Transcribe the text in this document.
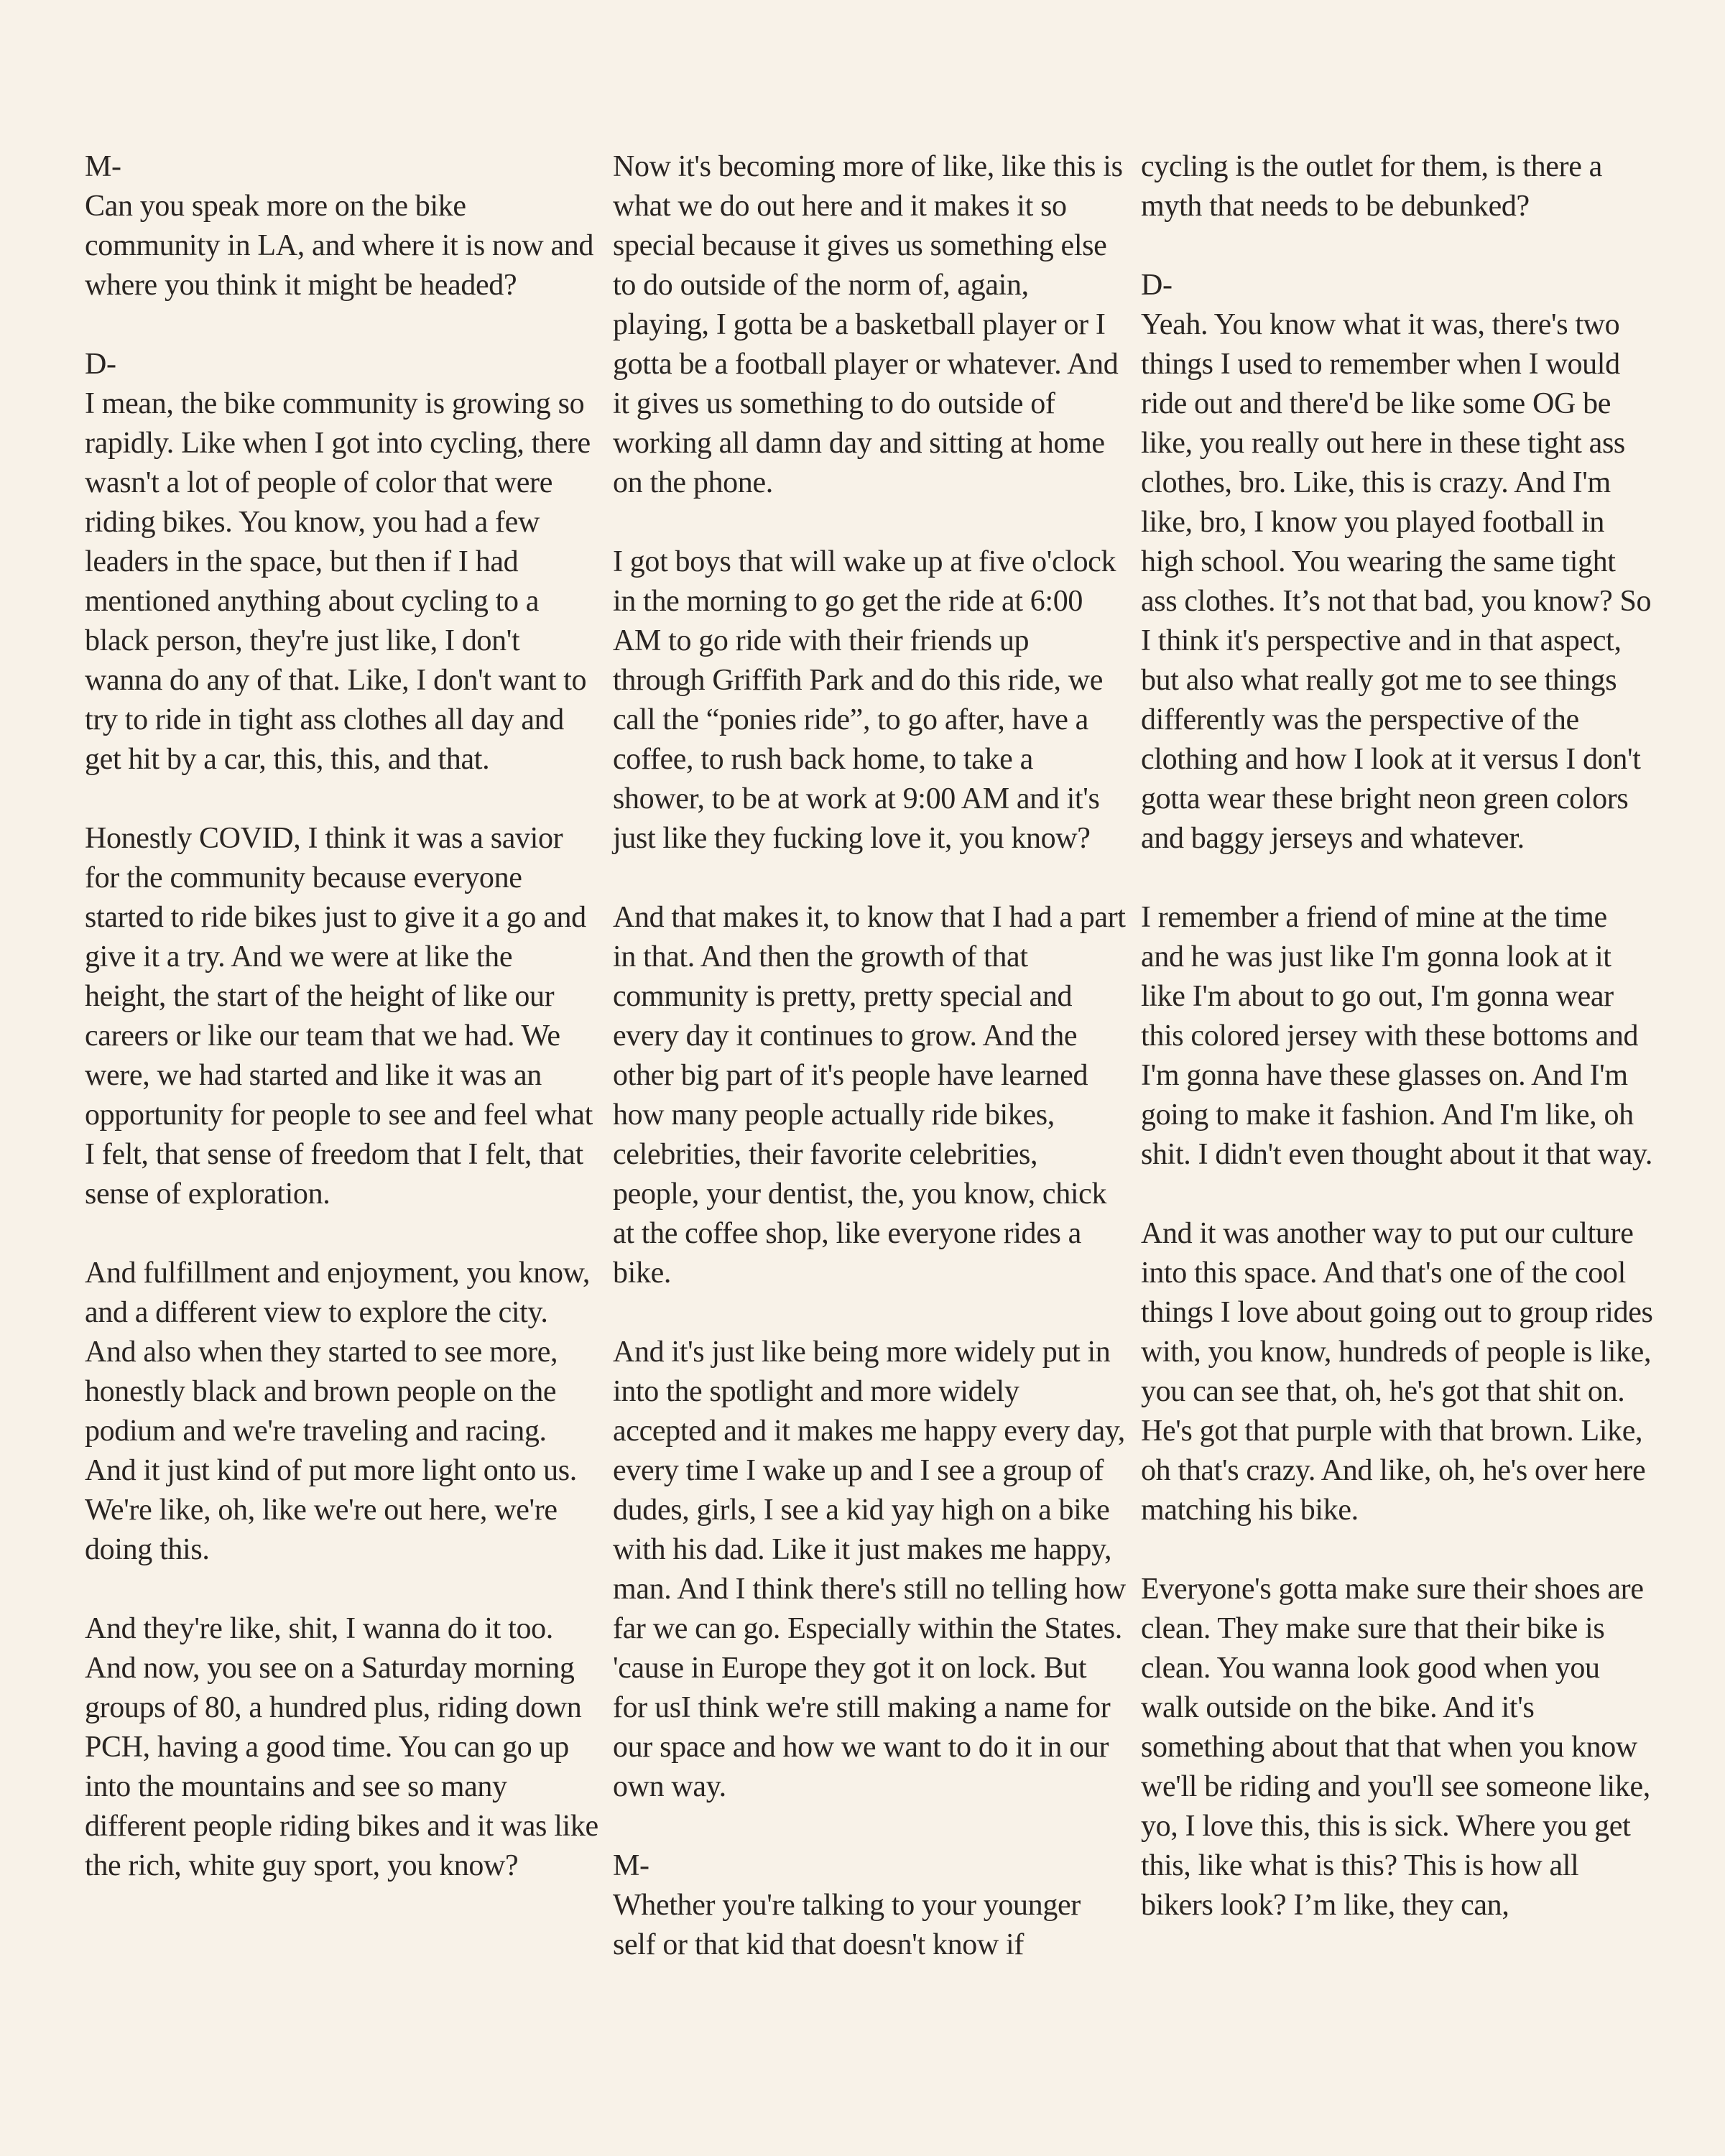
M-
Can you speak more on the bike community in LA, and where it is now and where you think it might be headed?

D-
I mean, the bike community is growing so rapidly. Like when I got into cycling, there wasn't a lot of people of color that were riding bikes. You know, you had a few leaders in the space, but then if I had mentioned anything about cycling to a black person, they're just like, I don't wanna do any of that. Like, I don't want to try to ride in tight ass clothes all day and get hit by a car, this, this, and that.

Honestly COVID, I think it was a savior for the community because everyone started to ride bikes just to give it a go and give it a try. And we were at like the height, the start of the height of like our careers or like our team that we had. We were, we had started and like it was an opportunity for people to see and feel what I felt, that sense of freedom that I felt, that sense of exploration.

And fulfillment and enjoyment, you know, and a different view to explore the city. And also when they started to see more, honestly black and brown people on the podium and we're traveling and racing. And it just kind of put more light onto us. We're like, oh, like we're out here, we're doing this.

And they're like, shit, I wanna do it too. And now, you see on a Saturday morning groups of 80, a hundred plus, riding down PCH, having a good time. You can go up into the mountains and see so many different people riding bikes and it was like the rich, white guy sport, you know?

Now it's becoming more of like, like this is what we do out here and it makes it so special because it gives us something else to do outside of the norm of, again, playing, I gotta be a basketball player or I gotta be a football player or whatever. And it gives us something to do outside of working all damn day and sitting at home on the phone.

I got boys that will wake up at five o'clock in the morning to go get the ride at 6:00 AM to go ride with their friends up through Griffith Park and do this ride, we call the “ponies ride”, to go after, have a coffee, to rush back home, to take a shower, to be at work at 9:00 AM and it's just like they fucking love it, you know?

And that makes it, to know that I had a part in that. And then the growth of that community is pretty, pretty special and every day it continues to grow. And the other big part of it's people have learned how many people actually ride bikes, celebrities, their favorite celebrities, people, your dentist, the, you know, chick at the coffee shop, like everyone rides a bike.

And it's just like being more widely put in into the spotlight and more widely accepted and it makes me happy every day, every time I wake up and I see a group of dudes, girls, I see a kid yay high on a bike with his dad. Like it just makes me happy, man. And I think there's still no telling how far we can go. Especially within the States. 'cause in Europe they got it on lock. But for usI think we're still making a name for our space and how we want to do it in our own way.

M-
Whether you're talking to your younger self or that kid that doesn't know if

cycling is the outlet for them, is there a myth that needs to be debunked?

D-
Yeah. You know what it was, there's two things I used to remember when I would ride out and there'd be like some OG be like, you really out here in these tight ass clothes, bro. Like, this is crazy. And I'm like, bro, I know you played football in high school. You wearing the same tight ass clothes. It’s not that bad, you know? So I think it's perspective and in that aspect, but also what really got me to see things differently was the perspective of the clothing and how I look at it versus I don't gotta wear these bright neon green colors and baggy jerseys and whatever.

I remember a friend of mine at the time and he was just like I'm gonna look at it like I'm about to go out, I'm gonna wear this colored jersey with these bottoms and I'm gonna have these glasses on. And I'm going to make it fashion. And I'm like, oh shit. I didn't even thought about it that way.

And it was another way to put our culture into this space. And that's one of the cool things I love about going out to group rides with, you know, hundreds of people is like, you can see that, oh, he's got that shit on. He's got that purple with that brown. Like, oh that's crazy. And like, oh, he's over here matching his bike.

Everyone's gotta make sure their shoes are clean. They make sure that their bike is clean. You wanna look good when you walk outside on the bike. And it's something about that that when you know we'll be riding and you'll see someone like, yo, I love this, this is sick. Where you get this, like what is this? This is how all bikers look? I’m like, they can,
